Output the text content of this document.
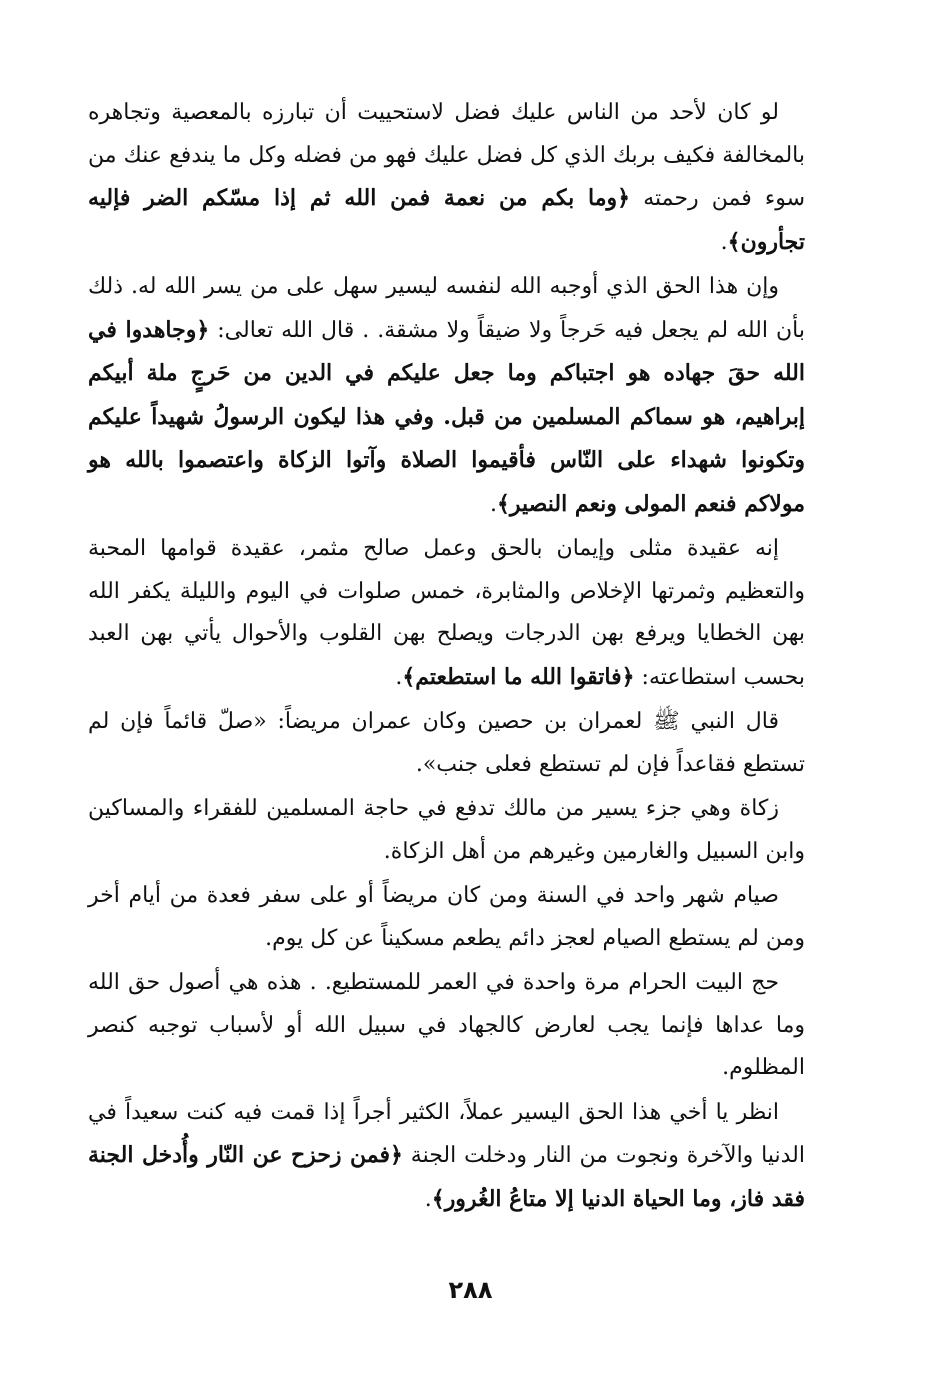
لو كان لأحد من الناس عليك فضل لاستحييت أن تبارزه بالمعصية وتجاهره بالمخالفة فكيف بربك الذي كل فضل عليك فهو من فضله وكل ما يندفع عنك من سوء فمن رحمته ﴿وما بكم من نعمة فمن الله ثم إذا مسّكم الضر فإليه تجأرون﴾.

وإن هذا الحق الذي أوجبه الله لنفسه ليسير سهل على من يسر الله له. ذلك بأن الله لم يجعل فيه حَرجاً ولا ضيقاً ولا مشقة. . قال الله تعالى: ﴿وجاهدوا في الله حقَ جهاده هو اجتباكم وما جعل عليكم في الدين من حَرجٍ ملة أبيكم إبراهيم، هو سماكم المسلمين من قبل. وفي هذا ليكون الرسولُ شهيداً عليكم وتكونوا شهداء على النّاس فأقيموا الصلاة وآتوا الزكاة واعتصموا بالله هو مولاكم فنعم المولى ونعم النصير﴾.

إنه عقيدة مثلى وإيمان بالحق وعمل صالح مثمر، عقيدة قوامها المحبة والتعظيم وثمرتها الإخلاص والمثابرة، خمس صلوات في اليوم والليلة يكفر الله بهن الخطايا ويرفع بهن الدرجات ويصلح بهن القلوب والأحوال يأتي بهن العبد بحسب استطاعته: ﴿فاتقوا الله ما استطعتم﴾.

قال النبي ﷺ لعمران بن حصين وكان عمران مريضاً: «صلّ قائماً فإن لم تستطع فقاعداً فإن لم تستطع فعلى جنب».

زكاة وهي جزء يسير من مالك تدفع في حاجة المسلمين للفقراء والمساكين وابن السبيل والغارمين وغيرهم من أهل الزكاة.

صيام شهر واحد في السنة ومن كان مريضاً أو على سفر فعدة من أيام أخر ومن لم يستطع الصيام لعجز دائم يطعم مسكيناً عن كل يوم.

حج البيت الحرام مرة واحدة في العمر للمستطيع. . هذه هي أصول حق الله وما عداها فإنما يجب لعارض كالجهاد في سبيل الله أو لأسباب توجبه كنصر المظلوم.

انظر يا أخي هذا الحق اليسير عملاً، الكثير أجراً إذا قمت فيه كنت سعيداً في الدنيا والآخرة ونجوت من النار ودخلت الجنة ﴿فمن زحزح عن النّار وأُدخل الجنة فقد فاز، وما الحياة الدنيا إلا متاعُ الغُرور﴾.

٢٨٨
